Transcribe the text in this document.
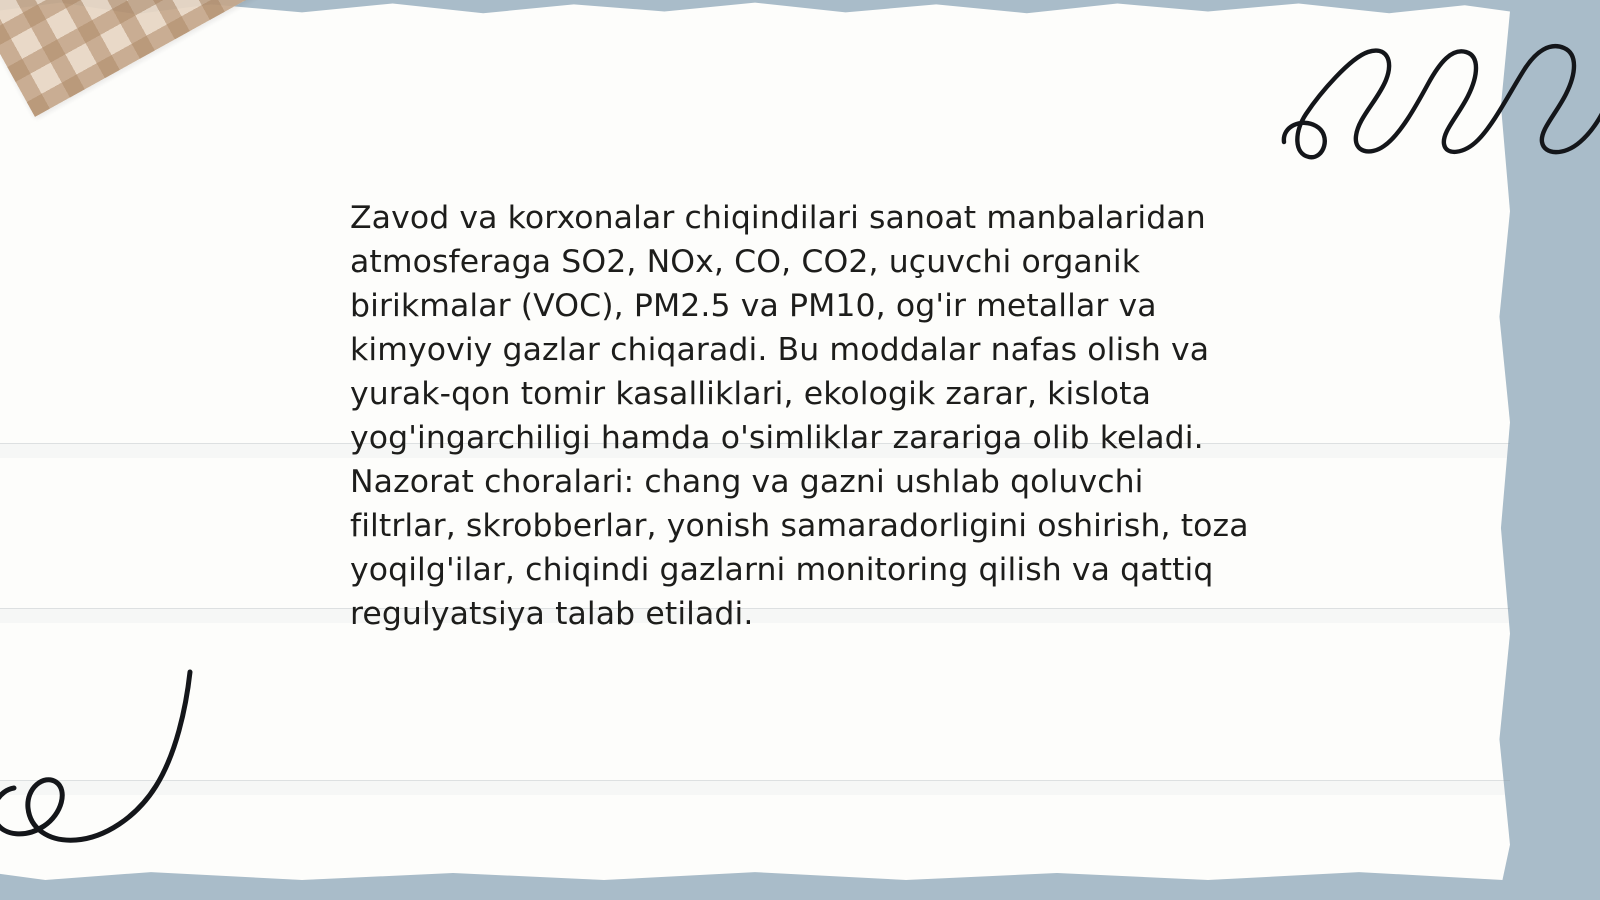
Zavod va korxonalar chiqindilari sanoat manbalaridan atmosferaga SO2, NOx, CO, CO2, uçuvchi organik birikmalar (VOC), PM2.5 va PM10, og'ir metallar va kimyoviy gazlar chiqaradi. Bu moddalar nafas olish va yurak-qon tomir kasalliklari, ekologik zarar, kislota yog'ingarchiligi hamda o'simliklar zarariga olib keladi. Nazorat choralari: chang va gazni ushlab qoluvchi filtrlar, skrobberlar, yonish samaradorligini oshirish, toza yoqilg'ilar, chiqindi gazlarni monitoring qilish va qattiq regulyatsiya talab etiladi.
